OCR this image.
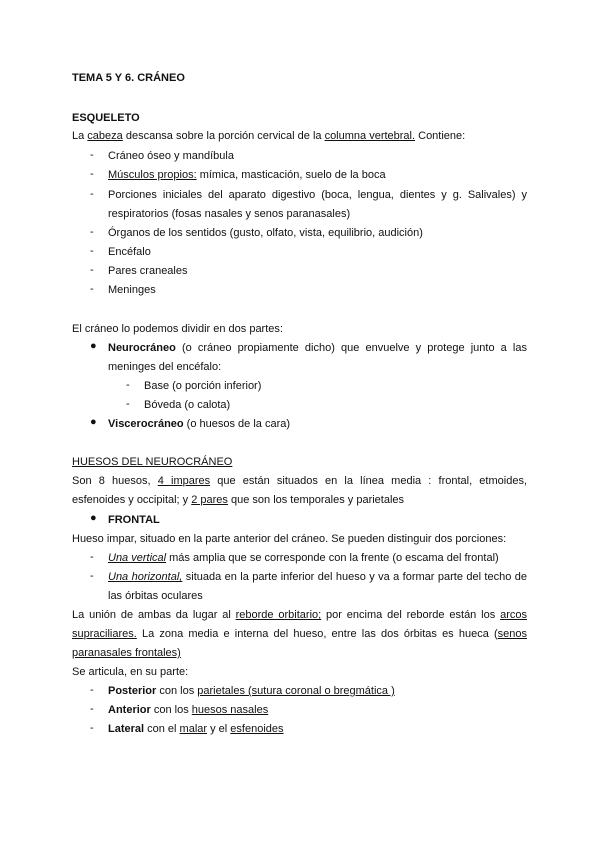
TEMA 5 Y 6. CRÁNEO
ESQUELETO
La cabeza descansa sobre la porción cervical de la columna vertebral. Contiene:
-	Cráneo óseo y mandíbula
-	Músculos propios: mímica, masticación, suelo de la boca
-	Porciones iniciales del aparato digestivo (boca, lengua, dientes y g. Salivales) y
respiratorios (fosas nasales y senos paranasales)
-	Órganos de los sentidos (gusto, olfato, vista, equilibrio, audición)
-	Encéfalo
-	Pares craneales
-	Meninges
El cráneo lo podemos dividir en dos partes:
● Neurocráneo (o cráneo propiamente dicho) que envuelve y protege junto a las
meninges del encéfalo:
-	Base (o porción inferior)
-	Bóveda (o calota)
● Viscerocráneo (o huesos de la cara)
HUESOS DEL NEUROCRÁNEO
Son 8 huesos, 4 impares que están situados en la línea media : frontal, etmoides,
esfenoides y occipital; y 2 pares que son los temporales y parietales
● FRONTAL
Hueso impar, situado en la parte anterior del cráneo. Se pueden distinguir dos porciones:
-	Una vertical más amplia que se corresponde con la frente (o escama del frontal)
-	Una horizontal, situada en la parte inferior del hueso y va a formar parte del techo de
las órbitas oculares
La unión de ambas da lugar al reborde orbitario; por encima del reborde están los arcos
supraciliares. La zona media e interna del hueso, entre las dos órbitas es hueca (senos
paranasales frontales)
Se articula, en su parte:
-	Posterior con los parietales (sutura coronal o bregmática )
-	Anterior con los huesos nasales
-	Lateral con el malar y el esfenoides
